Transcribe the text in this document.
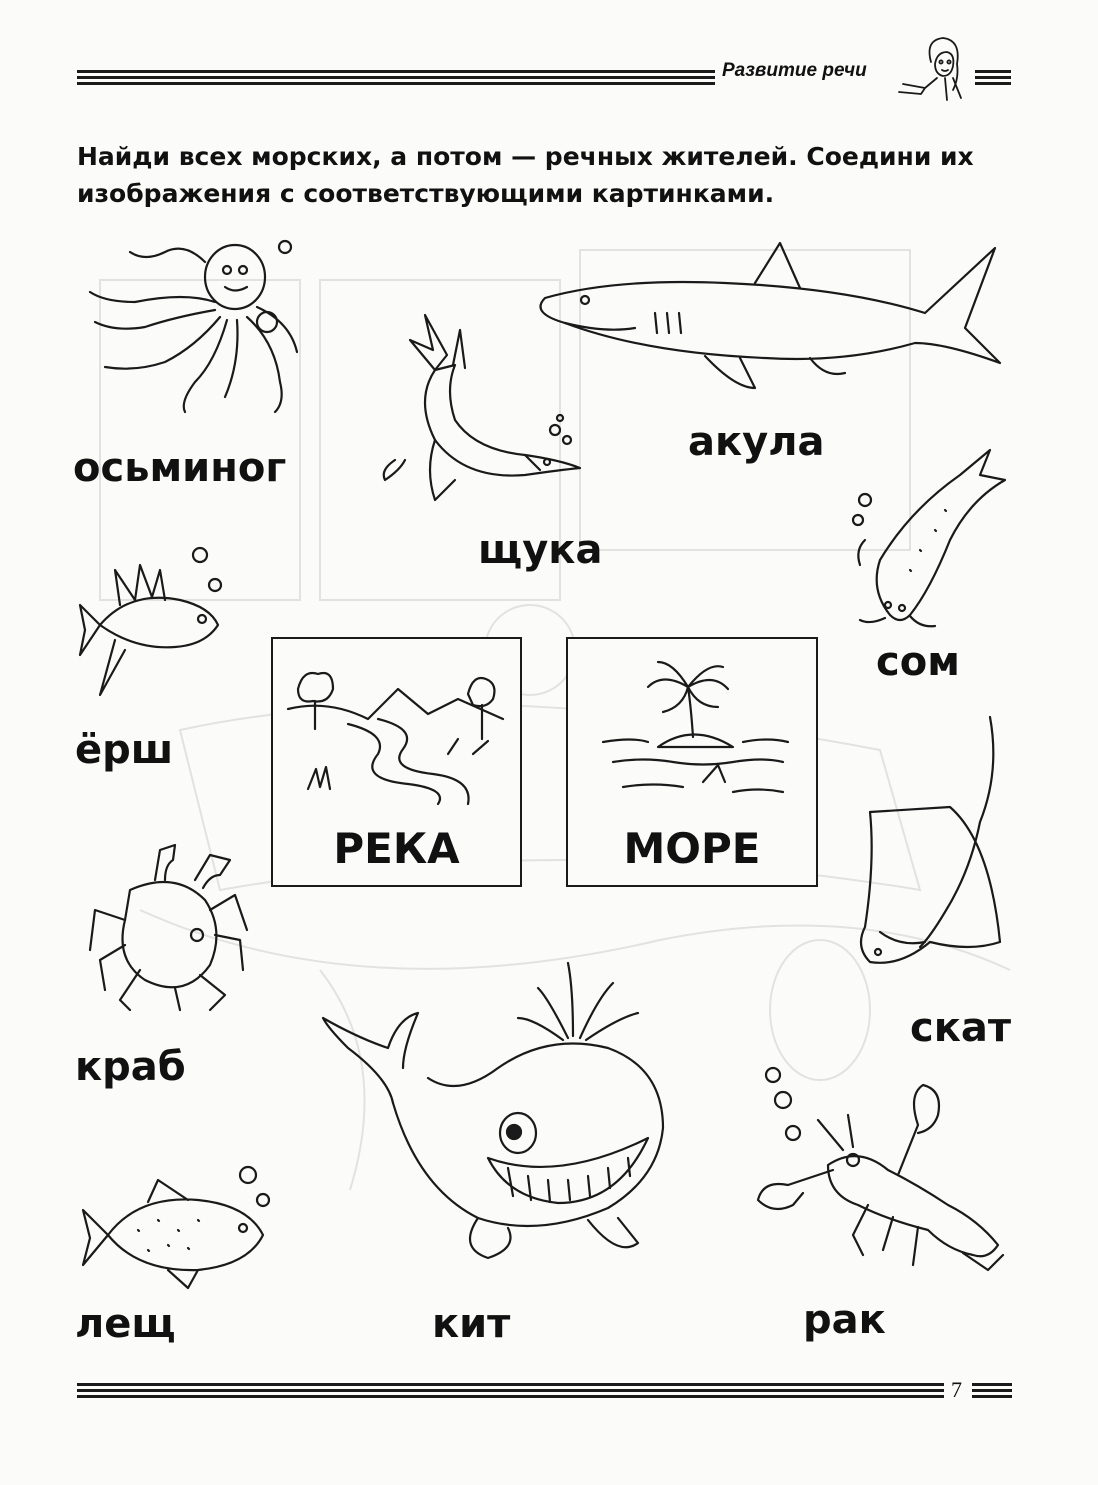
Развитие речи
Найди всех морских, а потом — речных жителей. Соедини их изображения с соответствующими картинками.
осьминог
щука
акула
сом
ёрш
РЕКА	МОРЕ
скат
краб
кит	рак
лещ
7
